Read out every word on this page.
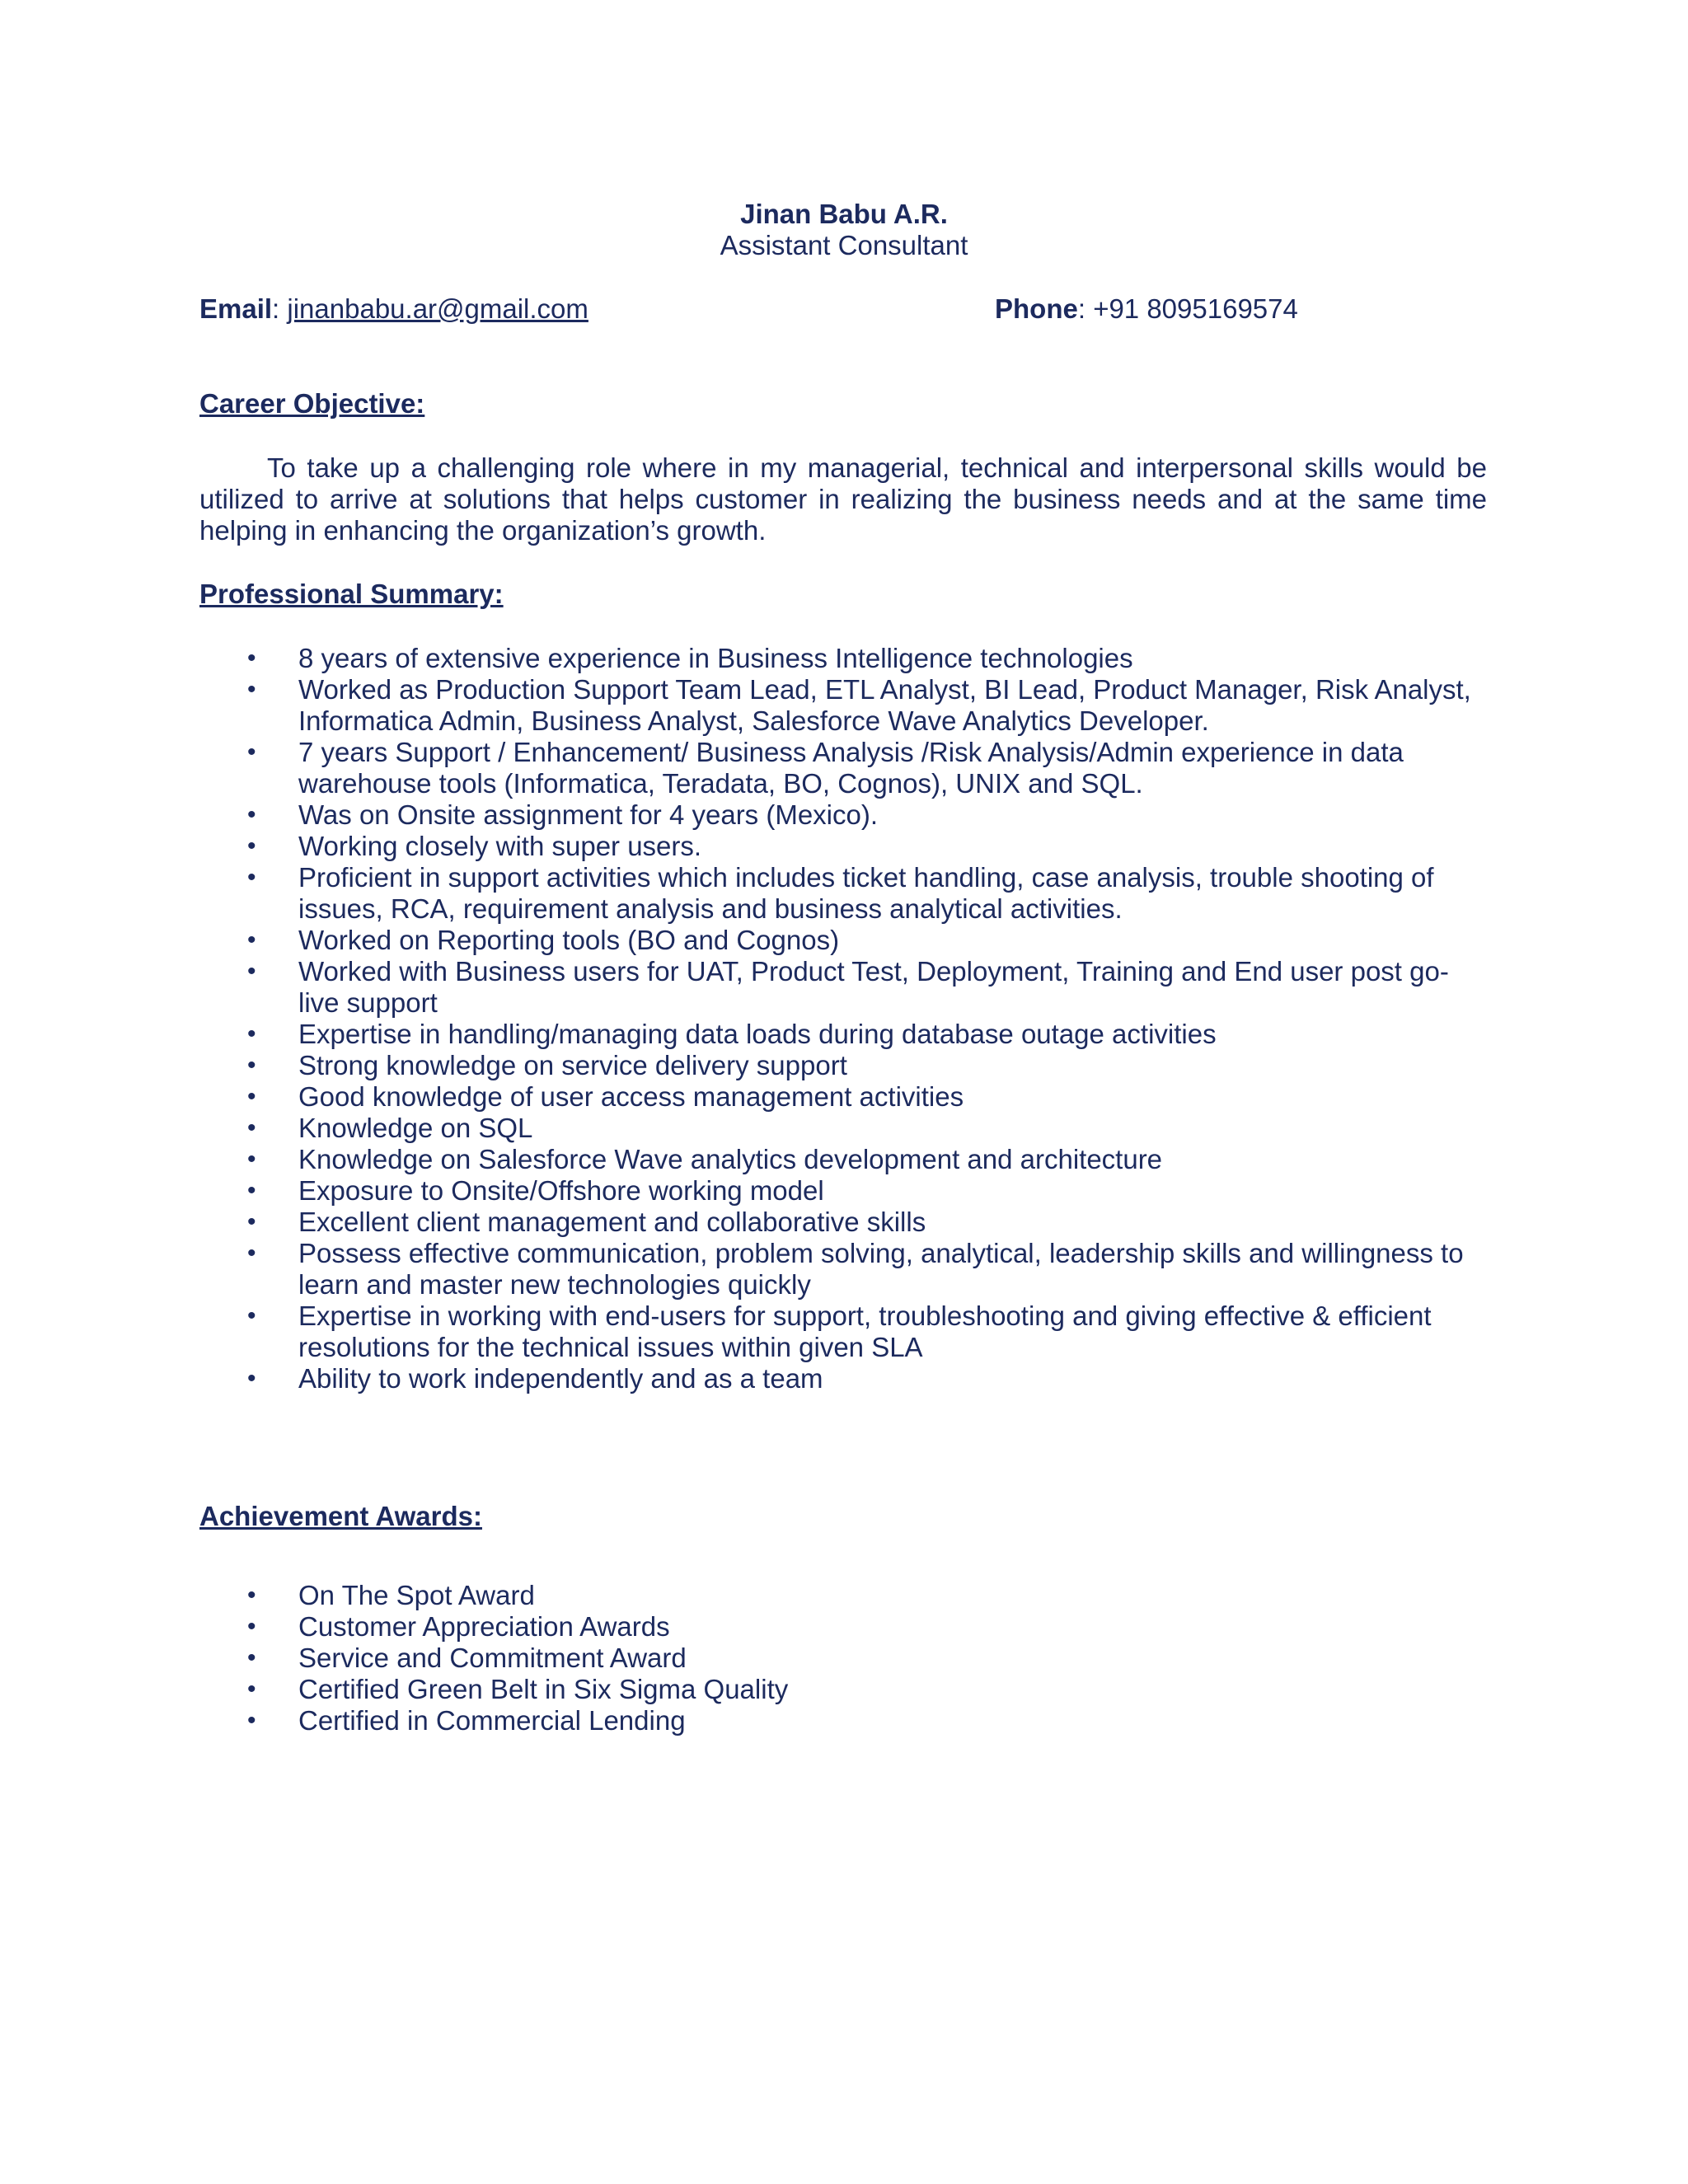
Jinan Babu A.R.
Assistant Consultant
Email: jinanbabu.ar@gmail.com	Phone: +91 8095169574
Career Objective:

To take up a challenging role where in my managerial, technical and interpersonal skills would be utilized to arrive at solutions that helps customer in realizing the business needs and at the same time helping in enhancing the organization’s growth.

Professional Summary:
• 8 years of extensive experience in Business Intelligence technologies
• Worked as Production Support Team Lead, ETL Analyst, BI Lead, Product Manager, Risk Analyst, Informatica Admin, Business Analyst, Salesforce Wave Analytics Developer.
• 7 years Support / Enhancement/ Business Analysis /Risk Analysis/Admin experience in data warehouse tools (Informatica, Teradata, BO, Cognos), UNIX and SQL.
• Was on Onsite assignment for 4 years (Mexico).
• Working closely with super users.
• Proficient in support activities which includes ticket handling, case analysis, trouble shooting of issues, RCA, requirement analysis and business analytical activities.
• Worked on Reporting tools (BO and Cognos)
• Worked with Business users for UAT, Product Test, Deployment, Training and End user post go-live support
• Expertise in handling/managing data loads during database outage activities
• Strong knowledge on service delivery support
• Good knowledge of user access management activities
• Knowledge on SQL
• Knowledge on Salesforce Wave analytics development and architecture
• Exposure to Onsite/Offshore working model
• Excellent client management and collaborative skills
• Possess effective communication, problem solving, analytical, leadership skills and willingness to learn and master new technologies quickly
• Expertise in working with end-users for support, troubleshooting and giving effective & efficient resolutions for the technical issues within given SLA
• Ability to work independently and as a team
Achievement Awards:
• On The Spot Award
• Customer Appreciation Awards
• Service and Commitment Award
• Certified Green Belt in Six Sigma Quality
• Certified in Commercial Lending
